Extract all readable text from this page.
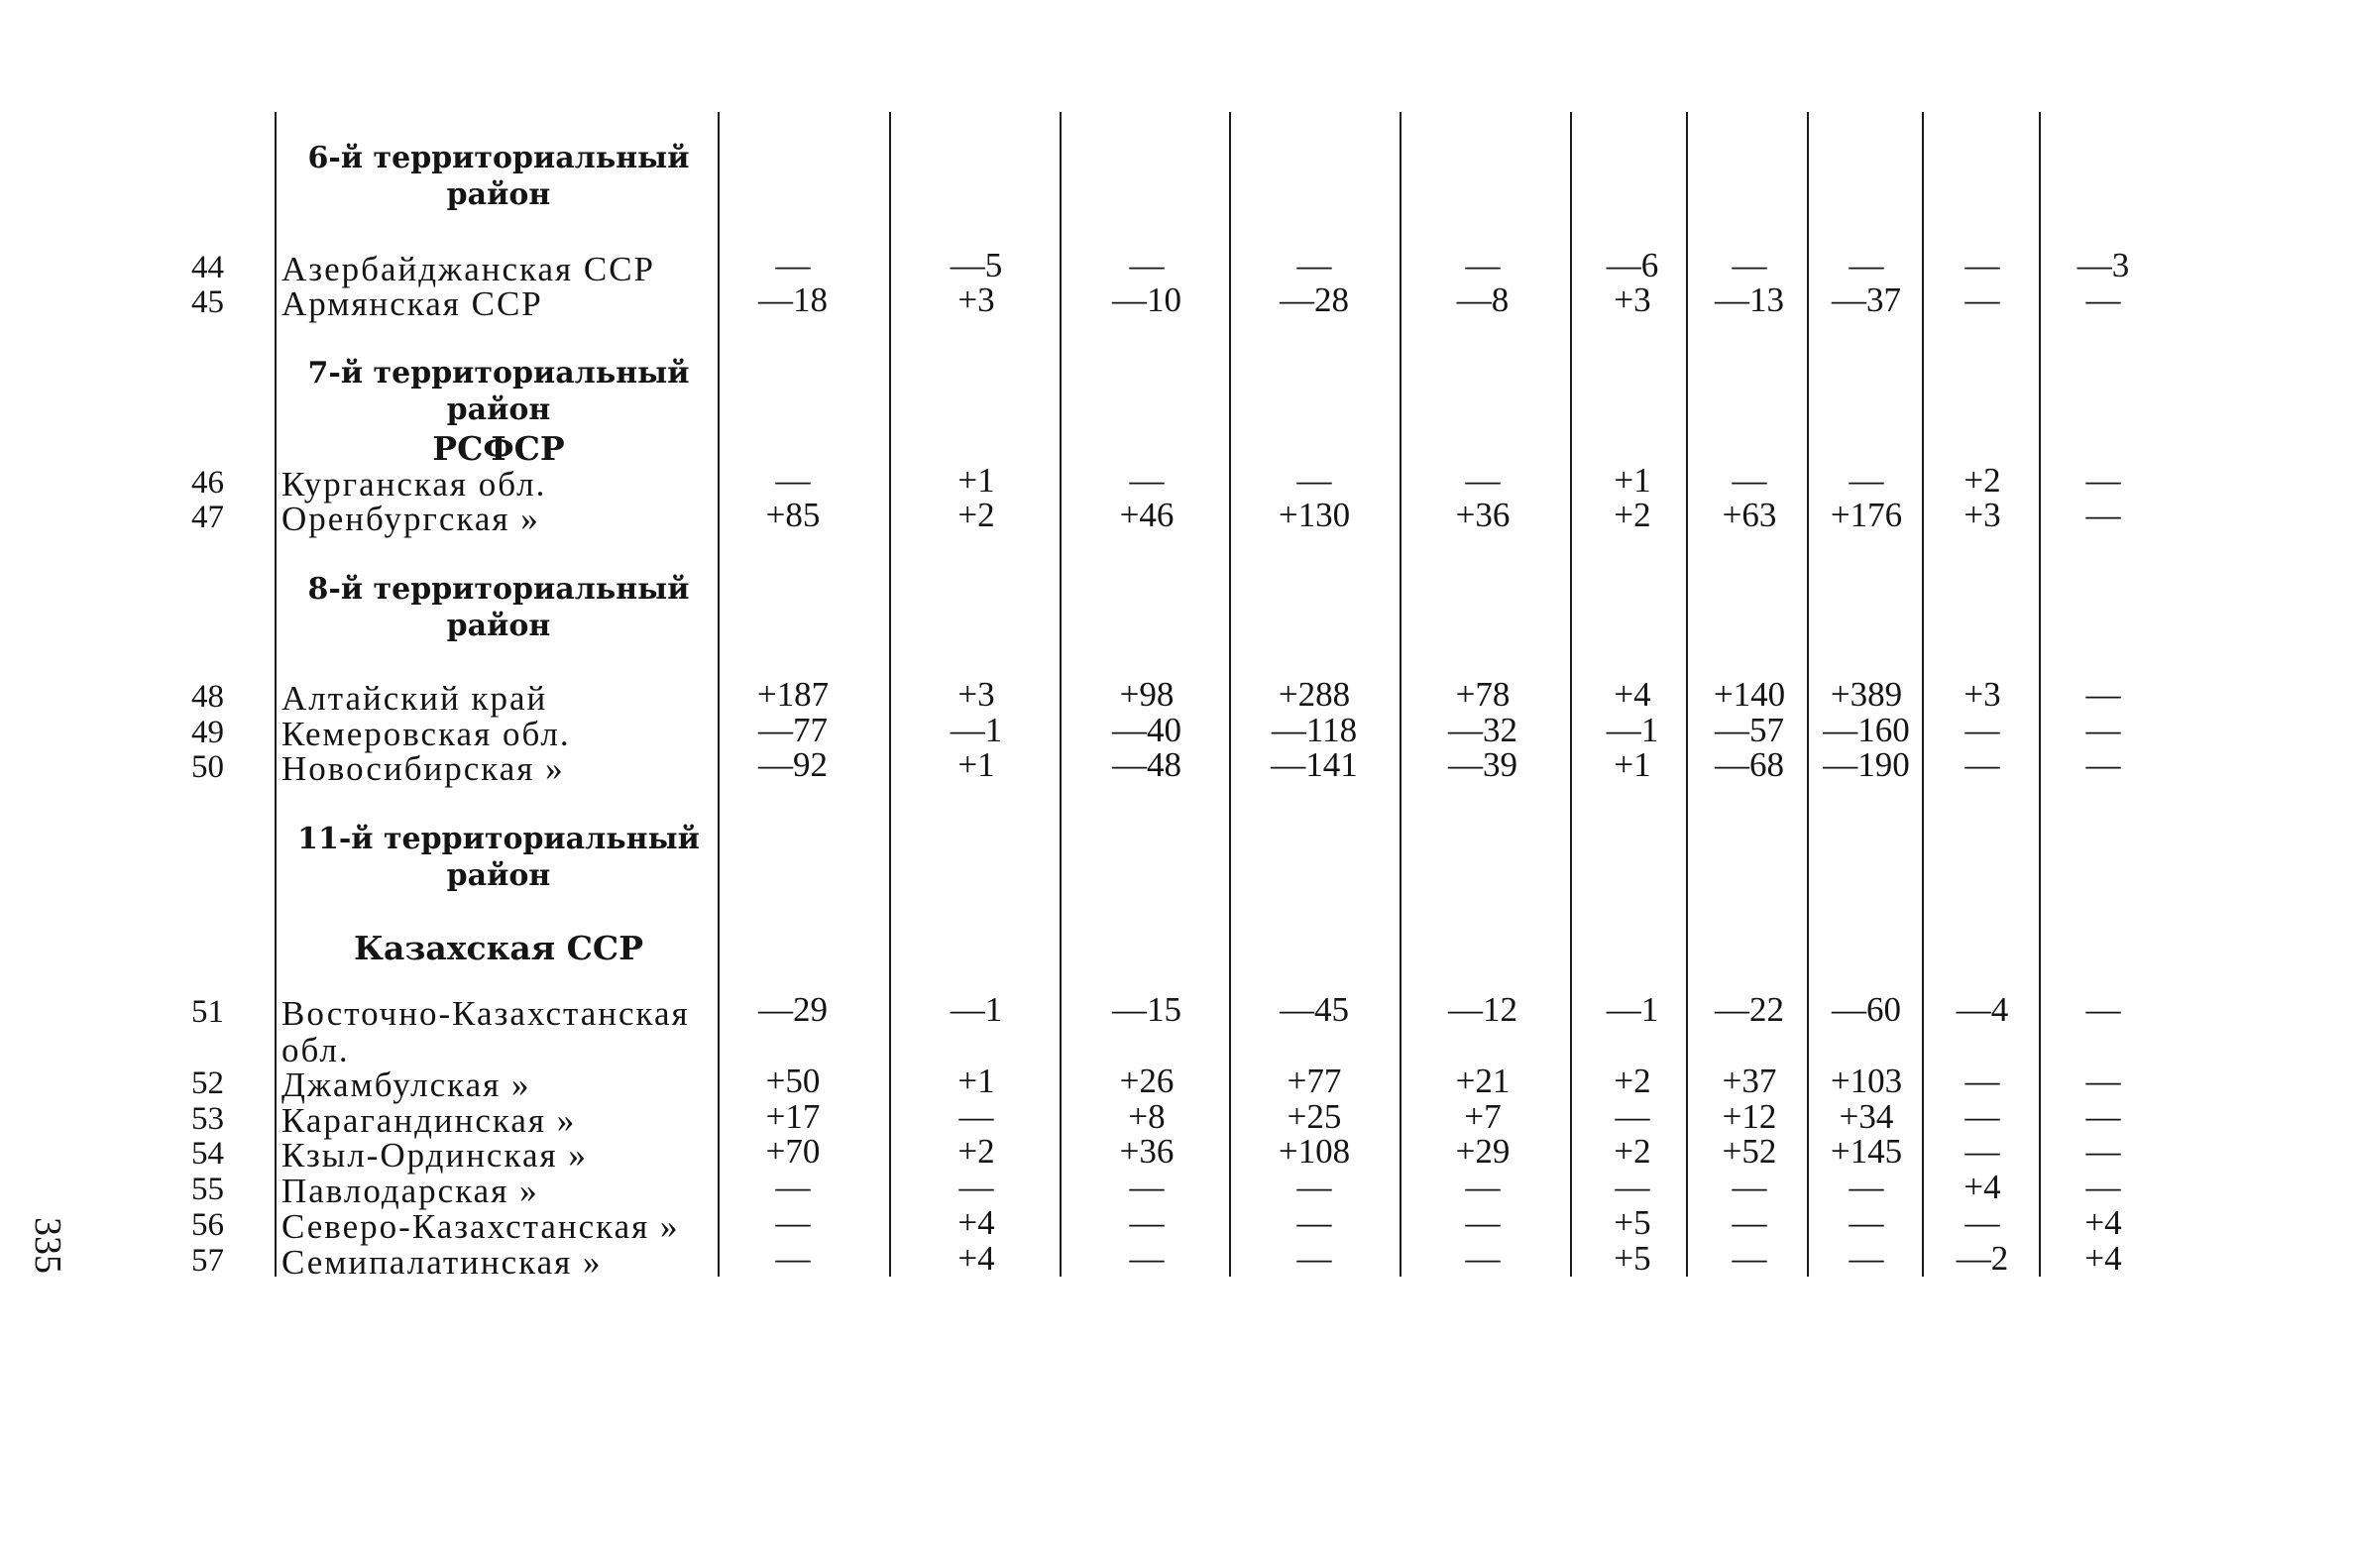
335
6-й территориальный
район
44 Азербайджанская ССР	—	—5	—	—	—	—6	—	—	—	—3
45 Армянская ССР	—18	+3	—10	—28	—8	+3	—13	—37	—	—
7-й территориальный
район
РСФСР
46 Курганская обл.	—	+1	—	—	—	+1	—	—	+2	—
47 Оренбургская »	+85	+2	+46	+130	+36	+2	+63	+176	+3	—
8-й территориальный
район
48 Алтайский край	+187	+3	+98	+288	+78	+4	+140	+389	+3	—
49 Кемеровская обл.	—77	—1	—40	—118	—32	—1	—57	—160	—	—
50 Новосибирская »	—92	+1	—48	—141	—39	+1	—68	—190	—	—
11-й территориальный
район
Казахская ССР
51 Восточно-Казахстанская
обл.
—29	—1	—15	—45	—12	—1	—22	—60	—4	—
52 Джамбулская »	+50	+1	+26	+77	+21	+2	+37	+103	—	—
53 Карагандинская »	+17	—	+8	+25	+7	—	+12	+34	—	—
54 Кзыл-Ординская »	+70	+2	+36	+108	+29	+2	+52	+145	—	—
55 Павлодарская »	—	—	—	—	—	—	—	—	+4	—
56 Северо-Казахстанская »	—	+4	—	—	—	+5	—	—	—	+4
57 Семипалатинская »	—	+4	—	—	—	+5	—	—	—2	+4
